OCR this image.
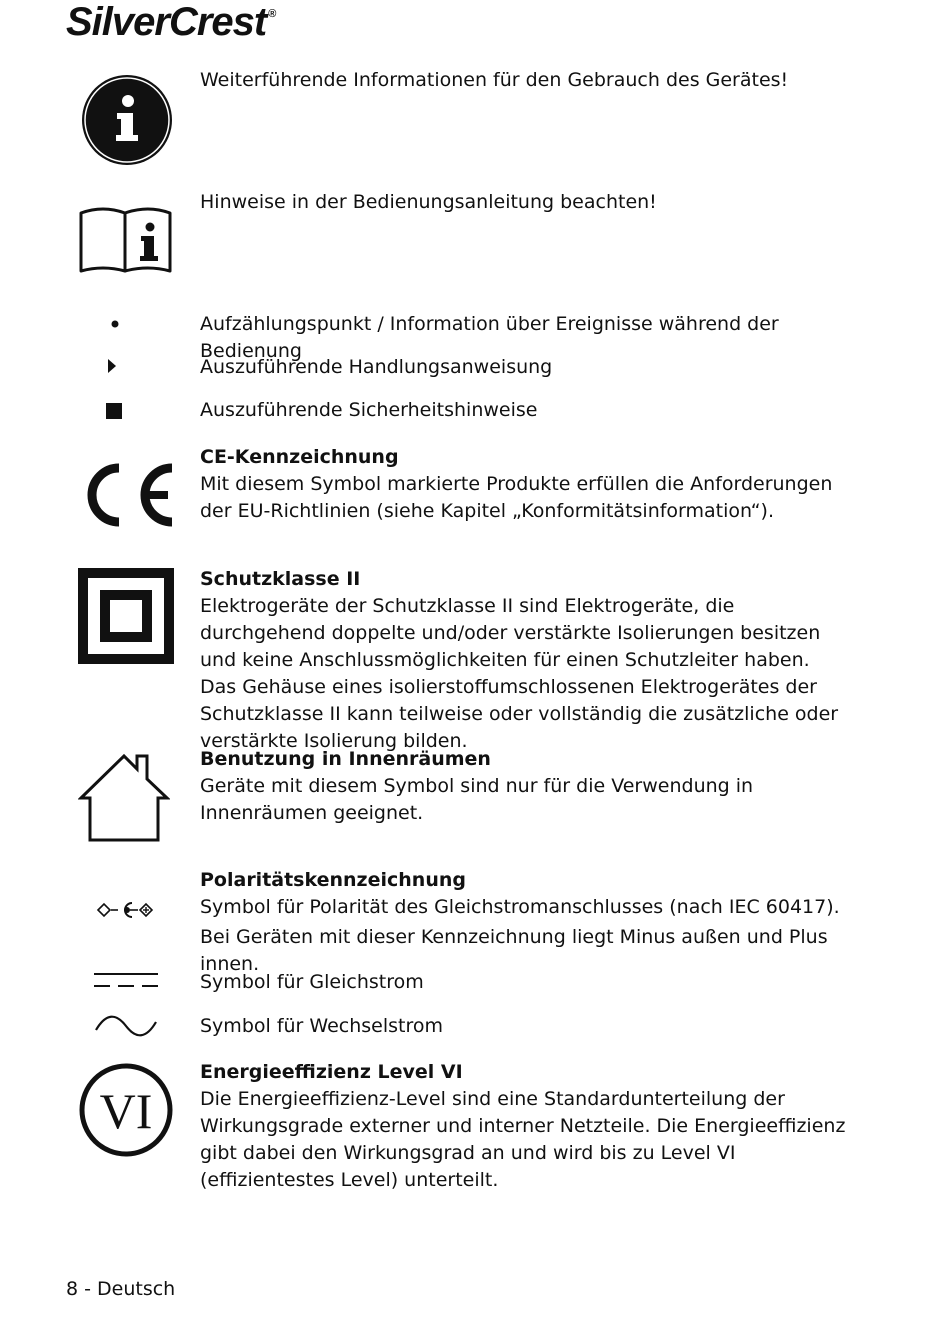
SilverCrest ®

Weiterführende Informationen für den Gebrauch des Gerätes!

Hinweise in der Bedienungsanleitung beachten!

Aufzählungspunkt / Information über Ereignisse während der Bedienung

Auszuführende Handlungsanweisung

Auszuführende Sicherheitshinweise

CE-Kennzeichnung
Mit diesem Symbol markierte Produkte erfüllen die Anforderungen der EU-Richtlinien (siehe Kapitel „Konformitätsinformation“).
Schutzklasse II
Elektrogeräte der Schutzklasse II sind Elektrogeräte, die durchgehend doppelte und/oder verstärkte Isolierungen besitzen und keine Anschlussmöglichkeiten für einen Schutzleiter haben. Das Gehäuse eines isolierstoffumschlossenen Elektrogerätes der Schutzklasse II kann teilweise oder vollständig die zusätzliche oder verstärkte Isolierung bilden.
Benutzung in Innenräumen
Geräte mit diesem Symbol sind nur für die Verwendung in Innenräumen geeignet.
Polaritätskennzeichnung
Symbol für Polarität des Gleichstromanschlusses (nach IEC 60417).
Bei Geräten mit dieser Kennzeichnung liegt Minus außen und Plus innen.

Symbol für Gleichstrom

Symbol für Wechselstrom

VI
Energieeffizienz Level VI
Die Energieeffizienz-Level sind eine Standardunterteilung der Wirkungsgrade externer und interner Netzteile. Die Energieeffizienz gibt dabei den Wirkungsgrad an und wird bis zu Level VI (effizientestes Level) unterteilt.
8 - Deutsch
